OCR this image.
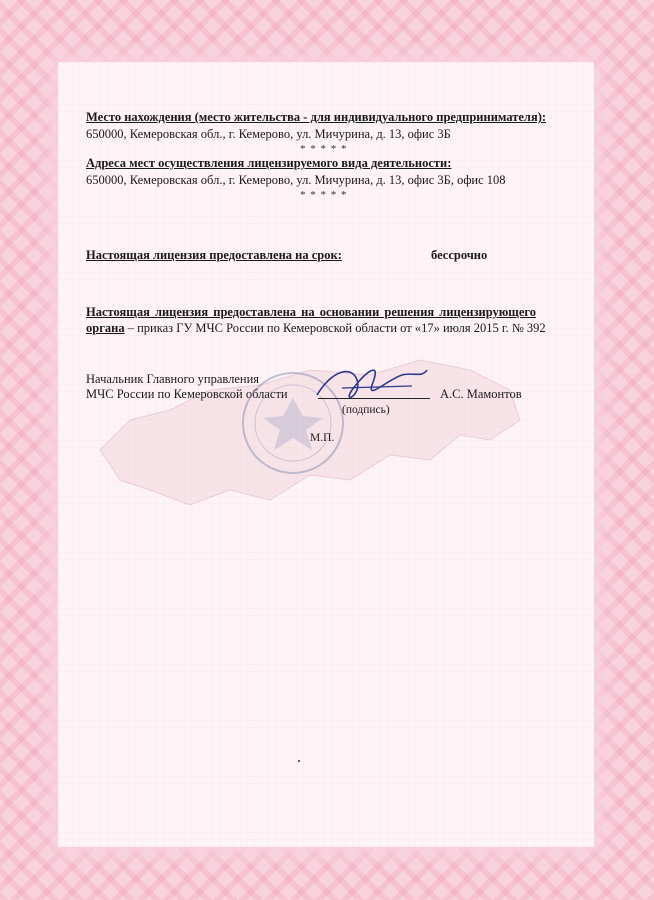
Место нахождения (место жительства - для индивидуального предпринимателя):
650000, Кемеровская обл., г. Кемерово, ул. Мичурина, д. 13, офис 3Б
* * * * *
Адреса мест осуществления лицензируемого вида деятельности:
650000, Кемеровская обл., г. Кемерово, ул. Мичурина, д. 13, офис 3Б, офис 108
* * * * *
Настоящая лицензия предоставлена на срок:	бессрочно
Настоящая лицензия предоставлена на основании решения лицензирующего
органа – приказ ГУ МЧС России по Кемеровской области от «17» июля 2015 г. № 392
Начальник Главного управления
МЧС России по Кемеровской области	А.С. Мамонтов
(подпись)
М.П.
